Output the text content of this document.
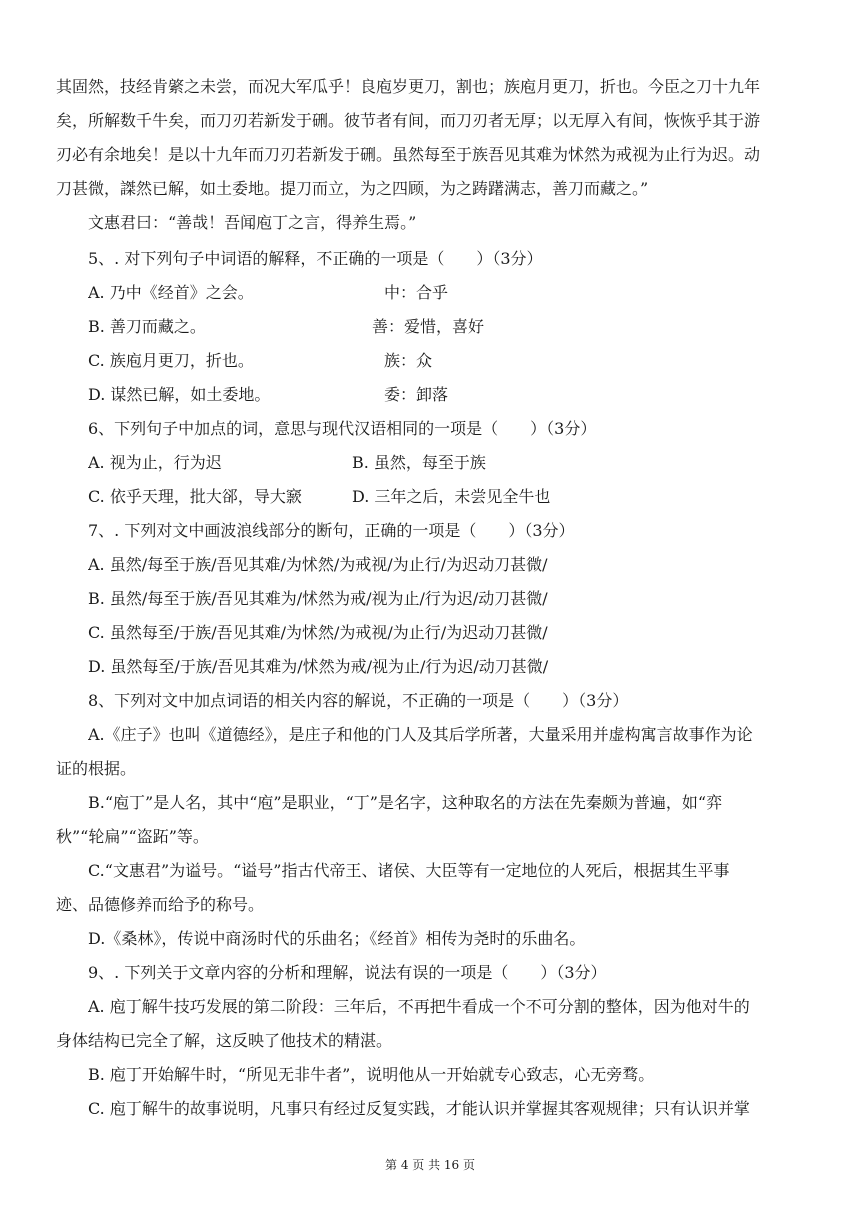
其固然，技经肯綮之未尝，而况大军瓜乎！良庖岁更刀，割也；族庖月更刀，折也。今臣之刀十九年
矣，所解数千牛矣，而刀刃若新发于硎。彼节者有间，而刀刃者无厚；以无厚入有间，恢恢乎其于游
刃必有余地矣！是以十九年而刀刃若新发于硎。虽然每至于族吾见其难为怵然为戒视为止行为迟。动
刀甚微，謋然已解，如土委地。提刀而立，为之四顾，为之踌躇满志，善刀而藏之。”
文惠君曰：“善哉！吾闻庖丁之言，得养生焉。”
5、. 对下列句子中词语的解释，不正确的一项是（　　）（3分）
A. 乃中《经首》之会。	中：合乎
B. 善刀而藏之。	善：爱惜，喜好
C. 族庖月更刀，折也。	族：众
D. 谋然已解，如土委地。	委：卸落
6、下列句子中加点的词，意思与现代汉语相同的一项是（　　）（3分）
A. 视为止，行为迟	B. 虽然，每至于族
C. 依乎天理，批大郤，导大窾	D. 三年之后，未尝见全牛也
7、. 下列对文中画波浪线部分的断句，正确的一项是（　　）（3分）
A. 虽然/每至于族/吾见其难/为怵然/为戒视/为止行/为迟动刀甚微/
B. 虽然/每至于族/吾见其难为/怵然为戒/视为止/行为迟/动刀甚微/
C. 虽然每至/于族/吾见其难/为怵然/为戒视/为止行/为迟动刀甚微/
D. 虽然每至/于族/吾见其难为/怵然为戒/视为止/行为迟/动刀甚微/
8、下列对文中加点词语的相关内容的解说，不正确的一项是（　　）（3分）
A.《庄子》也叫《道德经》，是庄子和他的门人及其后学所著，大量采用并虚构寓言故事作为论
证的根据。
B.“庖丁”是人名，其中“庖”是职业，“丁”是名字，这种取名的方法在先秦颇为普遍，如“弈
秋”“轮扁”“盗跖”等。
C.“文惠君”为谥号。“谥号”指古代帝王、诸侯、大臣等有一定地位的人死后，根据其生平事
迹、品德修养而给予的称号。
D.《桑林》，传说中商汤时代的乐曲名；《经首》相传为尧时的乐曲名。
9、. 下列关于文章内容的分析和理解，说法有误的一项是（　　）（3分）
A. 庖丁解牛技巧发展的第二阶段：三年后，不再把牛看成一个不可分割的整体，因为他对牛的
身体结构已完全了解，这反映了他技术的精湛。
B. 庖丁开始解牛时，“所见无非牛者”，说明他从一开始就专心致志，心无旁骛。
C. 庖丁解牛的故事说明，凡事只有经过反复实践，才能认识并掌握其客观规律；只有认识并掌
第 4 页 共 16 页
